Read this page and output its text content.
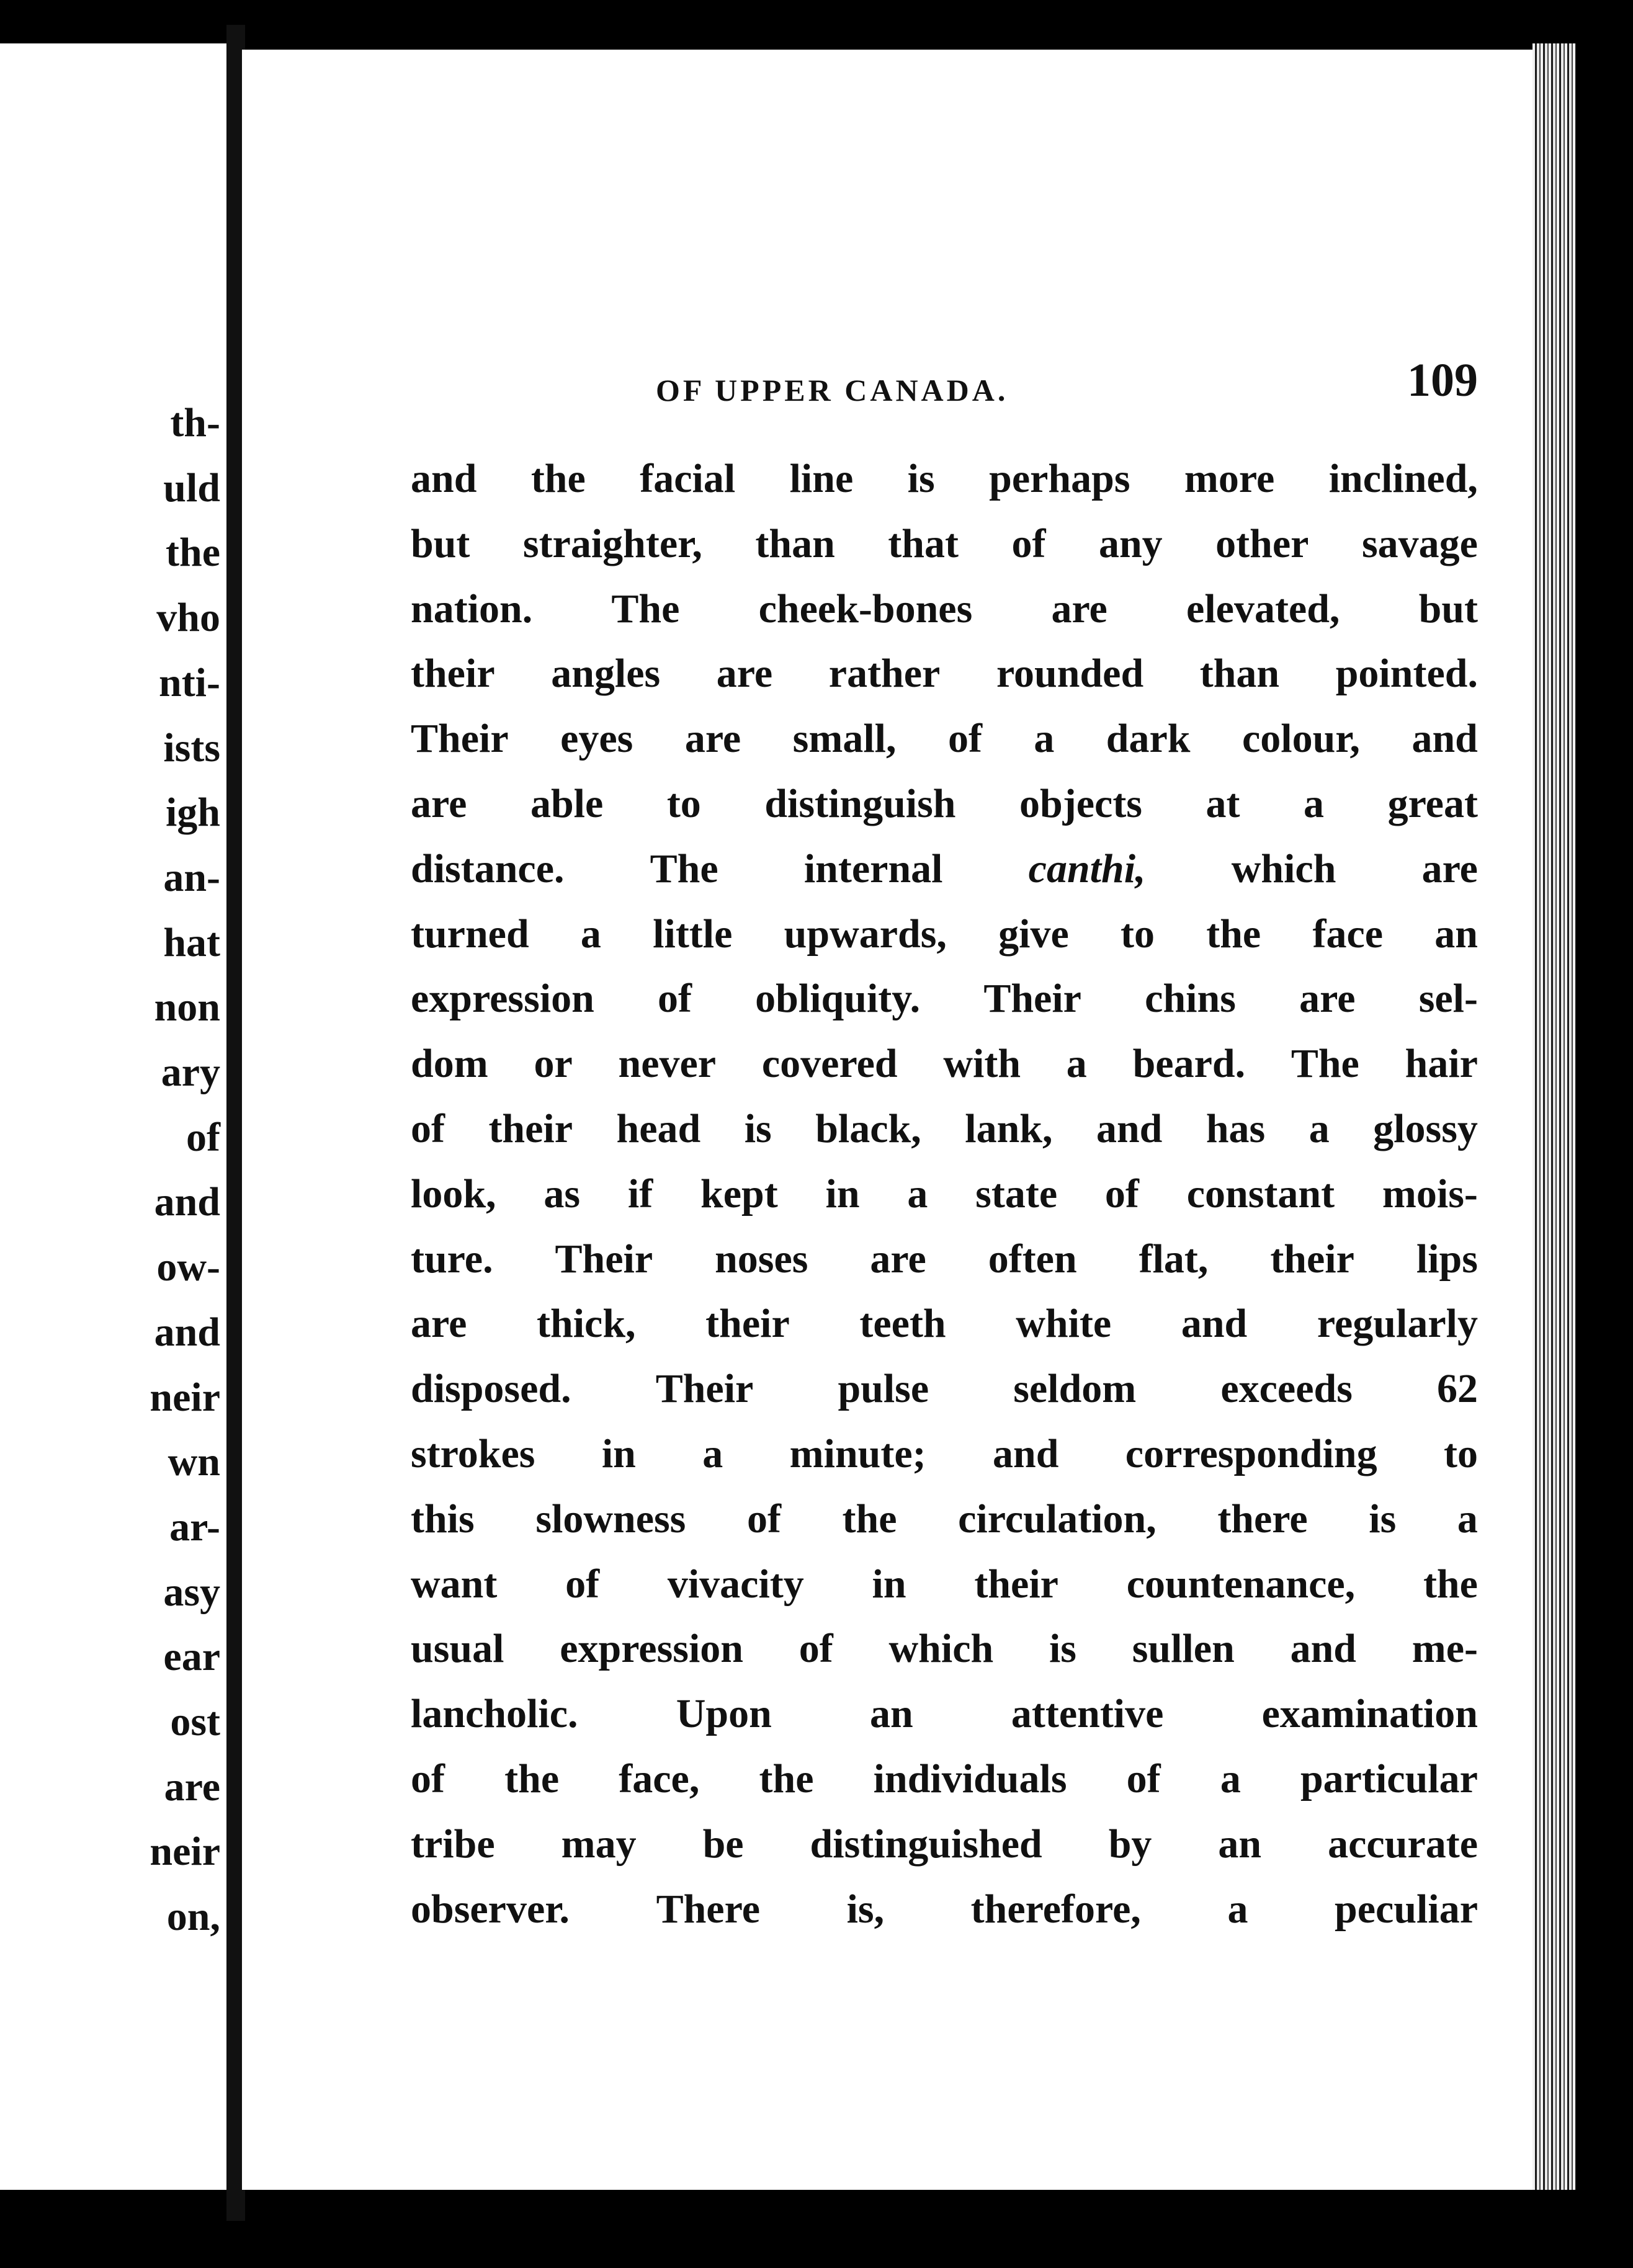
th-
uld
the
vho
nti-
ists
igh
an-
hat
non
ary
of
and
ow-
and
neir
wn
ar-
asy
ear
ost
are
neir
on,
OF UPPER CANADA.	109
and the facial line is perhaps more inclined,
but straighter, than that of any other savage
nation. The cheek-bones are elevated, but
their angles are rather rounded than pointed.
Their eyes are small, of a dark colour, and
are able to distinguish objects at a great
distance. The internal canthi, which are
turned a little upwards, give to the face an
expression of obliquity. Their chins are sel-
dom or never covered with a beard. The hair
of their head is black, lank, and has a glossy
look, as if kept in a state of constant mois-
ture. Their noses are often flat, their lips
are thick, their teeth white and regularly
disposed. Their pulse seldom exceeds 62
strokes in a minute; and corresponding to
this slowness of the circulation, there is a
want of vivacity in their countenance, the
usual expression of which is sullen and me-
lancholic. Upon an attentive examination
of the face, the individuals of a particular
tribe may be distinguished by an accurate
observer. There is, therefore, a peculiar
